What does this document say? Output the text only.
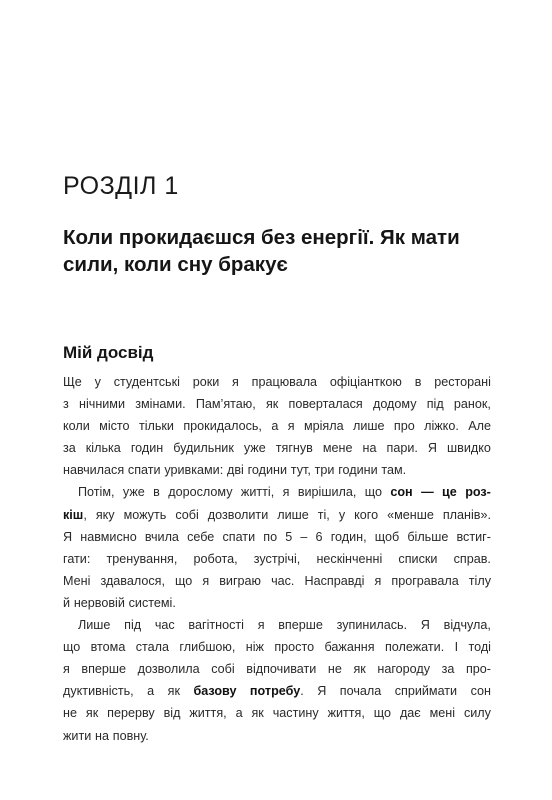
РОЗДІЛ 1
Коли прокидаєшся без енергії. Як мати
сили, коли сну бракує
Мій досвід
Ще у студентські роки я працювала офіціанткою в ресторані
з нічними змінами. Пам’ятаю, як поверталася додому під ранок,
коли місто тільки прокидалось, а я мріяла лише про ліжко. Але
за кілька годин будильник уже тягнув мене на пари. Я швидко
навчилася спати уривками: дві години тут, три години там.
Потім, уже в дорослому житті, я вирішила, що сон — це роз-
кіш, яку можуть собі дозволити лише ті, у кого «менше планів».
Я навмисно вчила себе спати по 5 – 6 годин, щоб більше встиг-
гати: тренування, робота, зустрічі, нескінченні списки справ.
Мені здавалося, що я виграю час. Насправді я програвала тілу
й нервовій системі.
Лише під час вагітності я вперше зупинилась. Я відчула,
що втома стала глибшою, ніж просто бажання полежати. І тоді
я вперше дозволила собі відпочивати не як нагороду за про-
дуктивність, а як базову потребу. Я почала сприймати сон
не як перерву від життя, а як частину життя, що дає мені силу
жити на повну.
